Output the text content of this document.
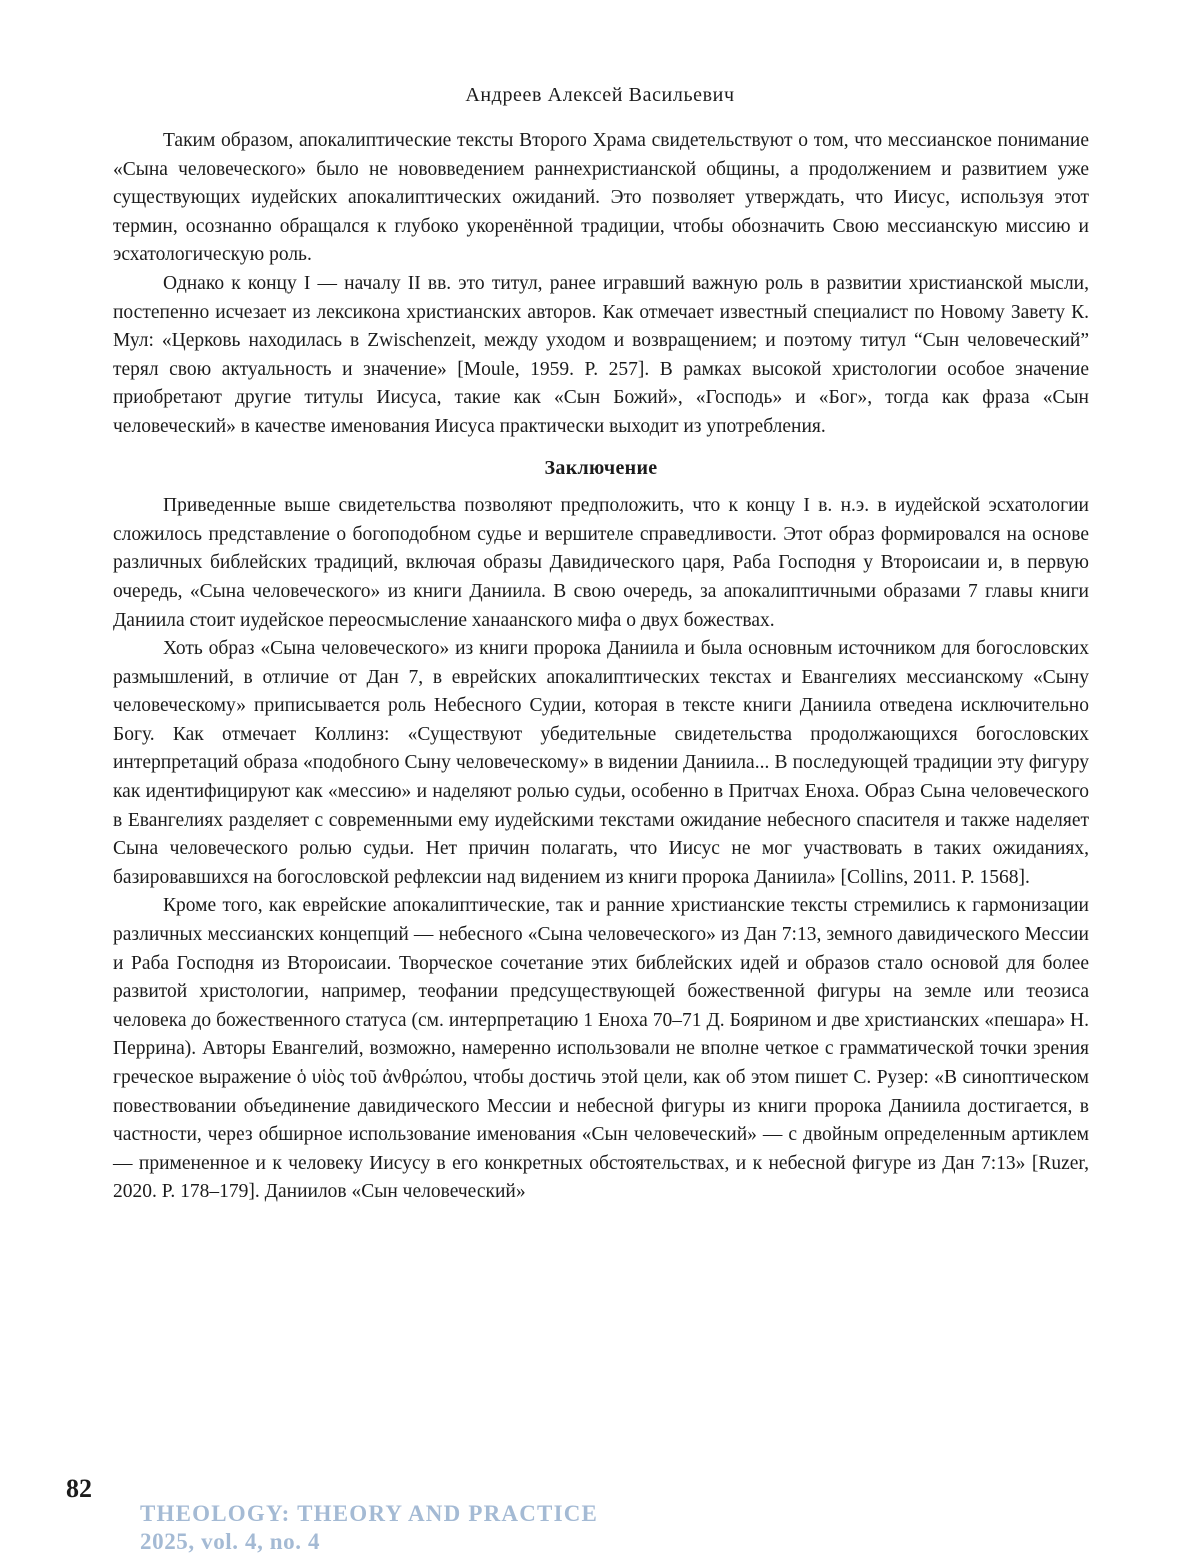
Андреев Алексей Васильевич

Таким образом, апокалиптические тексты Второго Храма свидетельствуют о том, что мессианское понимание «Сына человеческого» было не нововведением раннехристианской общины, а продолжением и развитием уже существующих иудейских апокалиптических ожиданий. Это позволяет утверждать, что Иисус, используя этот термин, осознанно обращался к глубоко укоренённой традиции, чтобы обозначить Свою мессианскую миссию и эсхатологическую роль.

Однако к концу I — началу II вв. это титул, ранее игравший важную роль в развитии христианской мысли, постепенно исчезает из лексикона христианских авторов. Как отмечает известный специалист по Новому Завету К. Мул: «Церковь находилась в Zwischenzeit, между уходом и возвращением; и поэтому титул “Сын человеческий” терял свою актуальность и значение» [Moule, 1959. P. 257]. В рамках высокой христологии особое значение приобретают другие титулы Иисуса, такие как «Сын Божий», «Господь» и «Бог», тогда как фраза «Сын человеческий» в качестве именования Иисуса практически выходит из употребления.

Заключение

Приведенные выше свидетельства позволяют предположить, что к концу I в. н.э. в иудейской эсхатологии сложилось представление о богоподобном судье и вершителе справедливости. Этот образ формировался на основе различных библейских традиций, включая образы Давидического царя, Раба Господня у Второисаии и, в первую очередь, «Сына человеческого» из книги Даниила. В свою очередь, за апокалиптичными образами 7 главы книги Даниила стоит иудейское переосмысление ханаанского мифа о двух божествах.

Хоть образ «Сына человеческого» из книги пророка Даниила и была основным источником для богословских размышлений, в отличие от Дан 7, в еврейских апокалиптических текстах и Евангелиях мессианскому «Сыну человеческому» приписывается роль Небесного Судии, которая в тексте книги Даниила отведена исключительно Богу. Как отмечает Коллинз: «Существуют убедительные свидетельства продолжающихся богословских интерпретаций образа «подобного Сыну человеческому» в видении Даниила... В последующей традиции эту фигуру как идентифицируют как «мессию» и наделяют ролью судьи, особенно в Притчах Еноха. Образ Сына человеческого в Евангелиях разделяет с современными ему иудейскими текстами ожидание небесного спасителя и также наделяет Сына человеческого ролью судьи. Нет причин полагать, что Иисус не мог участвовать в таких ожиданиях, базировавшихся на богословской рефлексии над видением из книги пророка Даниила» [Collins, 2011. P. 1568].

Кроме того, как еврейские апокалиптические, так и ранние христианские тексты стремились к гармонизации различных мессианских концепций — небесного «Сына человеческого» из Дан 7:13, земного давидического Мессии и Раба Господня из Второисаии. Творческое сочетание этих библейских идей и образов стало основой для более развитой христологии, например, теофании предсуществующей божественной фигуры на земле или теозиса человека до божественного статуса (см. интерпретацию 1 Еноха 70–71 Д. Боярином и две христианских «пешара» Н. Перрина). Авторы Евангелий, возможно, намеренно использовали не вполне четкое с грамматической точки зрения греческое выражение ὁ υἱὸς τοῦ ἀνθρώπου, чтобы достичь этой цели, как об этом пишет С. Рузер: «В синоптическом повествовании объединение давидического Мессии и небесной фигуры из книги пророка Даниила достигается, в частности, через обширное использование именования «Сын человеческий» — с двойным определенным артиклем — примененное и к человеку Иисусу в его конкретных обстоятельствах, и к небесной фигуре из Дан 7:13» [Ruzer, 2020. P. 178–179]. Даниилов «Сын человеческий»

82
THEOLOGY: THEORY AND PRACTICE
2025, vol. 4, no. 4
